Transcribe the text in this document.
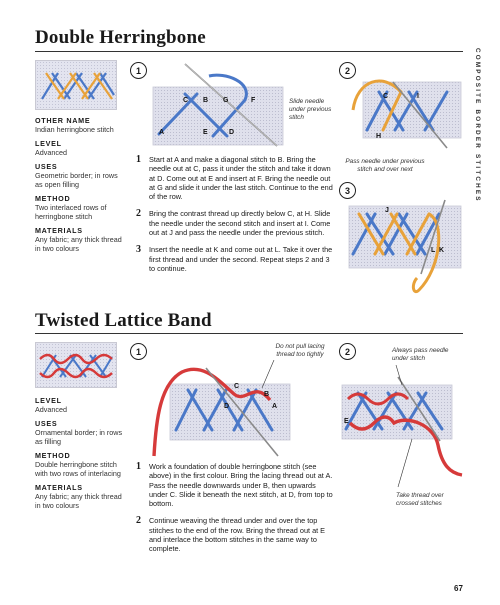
Double Herringbone
COMPOSITE BORDER STITCHES
OTHER NAME

Indian herringbone stitch

LEVEL

Advanced

USES

Geometric border; in rows as open filling

METHOD

Two interlaced rows of herringbone stitch

MATERIALS

Any fabric; any thick thread in two colours

1
C B G	F
A	E	D
Slide needle under previous stitch
2
C	I
H
Pass needle under previous stitch and over next
3
J
L K
1 Start at A and make a diagonal stitch to B. Bring the needle out at C, pass it under the stitch and take it down at D. Come out at E and insert at F. Bring the needle out at G and slide it under the last stitch. Continue to the end of the row.
2 Bring the contrast thread up directly below C, at H. Slide the needle under the second stitch and insert at I. Come out at J and pass the needle under the previous stitch.
3 Insert the needle at K and come out at L. Take it over the first thread and under the second. Repeat steps 2 and 3 to continue.
Twisted Lattice Band
LEVEL

Advanced

USES

Ornamental border; in rows as filling

METHOD

Double herringbone stitch with two rows of interlacing

MATERIALS

Any fabric; any thick thread in two colours

1	Do not pull lacing thread too tightly
C
B
D	A
2	Always pass needle under stitch
E
Take thread over crossed stitches
1 Work a foundation of double herringbone stitch (see above) in the first colour. Bring the lacing thread out at A. Pass the needle downwards under B, then upwards under C. Slide it beneath the next stitch, at D, from top to bottom.
2 Continue weaving the thread under and over the top stitches to the end of the row. Bring the thread out at E and interlace the bottom stitches in the same way to complete.
67
